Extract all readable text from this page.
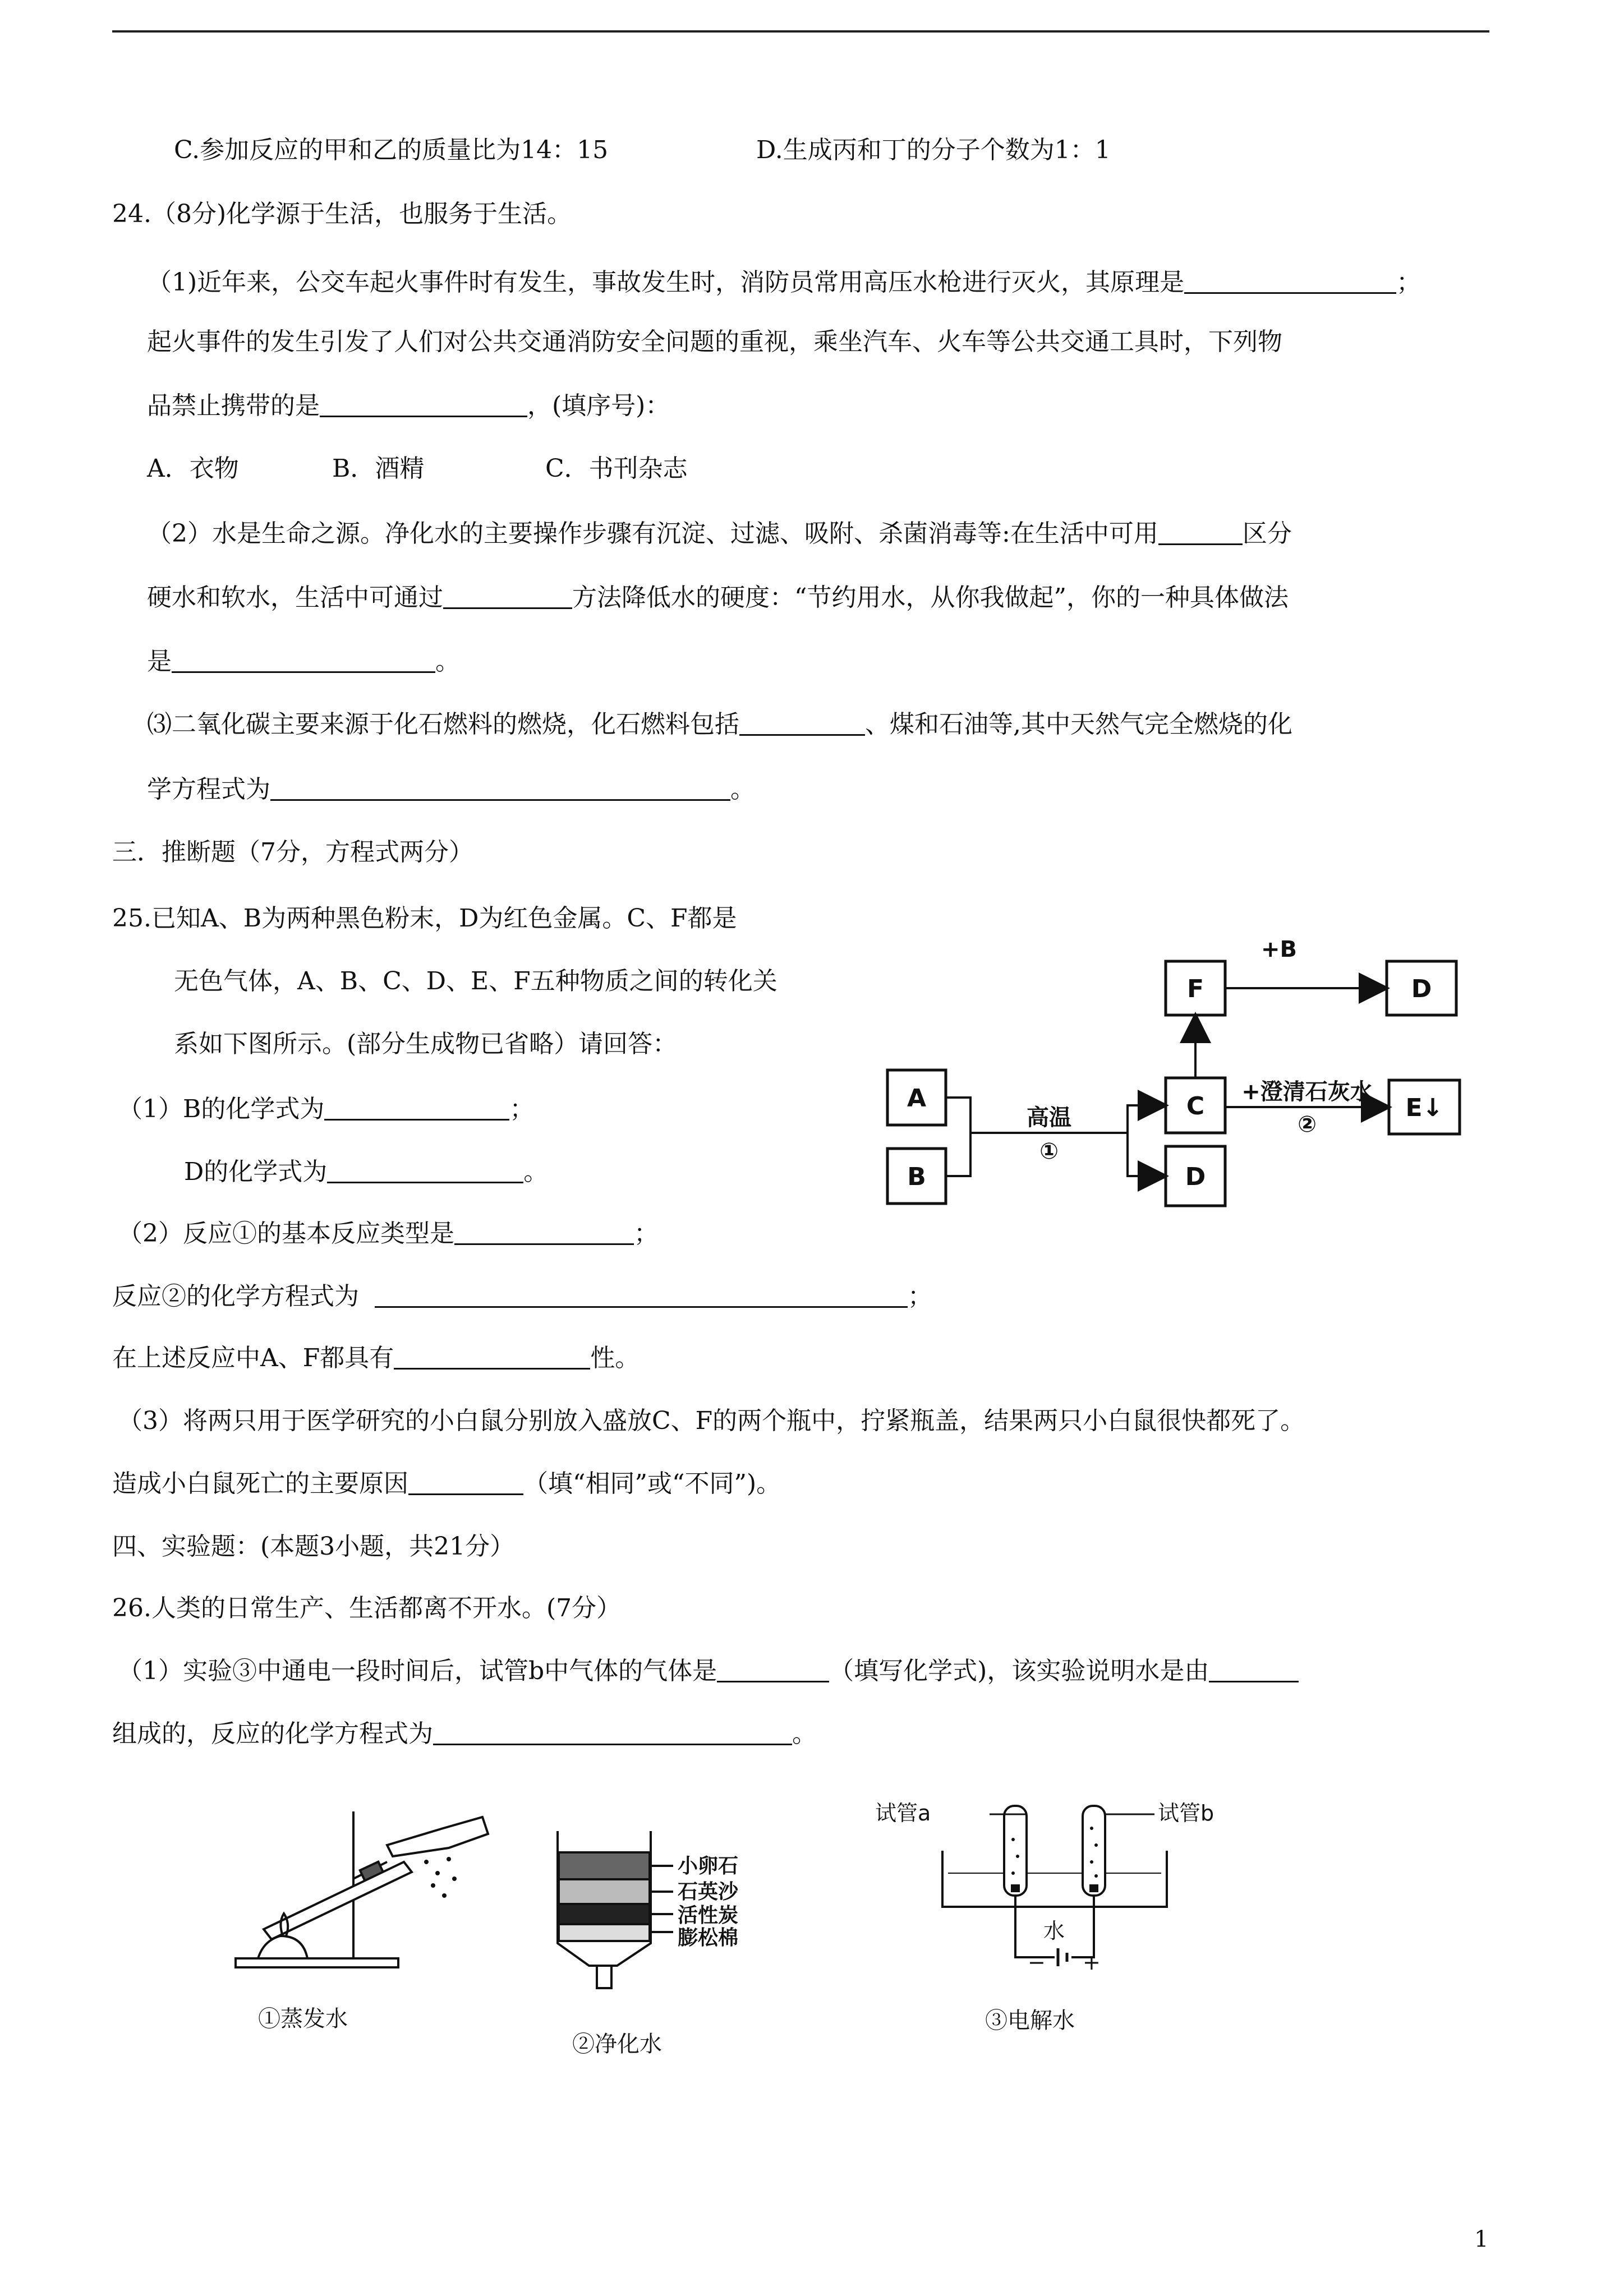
C.参加反应的甲和乙的质量比为14：15	D.生成丙和丁的分子个数为1：1
24.（8分)化学源于生活，也服务于生活。
（1)近年来，公交车起火事件时有发生，事故发生时，消防员常用高压水枪进行灭火，其原理是	；
起火事件的发生引发了人们对公共交通消防安全问题的重视，乘坐汽车、火车等公共交通工具时，下列物
品禁止携带的是	，(填序号)：
A．衣物	B．酒精	C．书刊杂志
（2）水是生命之源。净化水的主要操作步骤有沉淀、过滤、吸附、杀菌消毒等:在生活中可用	区分
硬水和软水，生活中可通过	方法降低水的硬度：“节约用水，从你我做起”，你的一种具体做法
是	。
⑶二氧化碳主要来源于化石燃料的燃烧，化石燃料包括	、煤和石油等,其中天然气完全燃烧的化
学方程式为	。
三．推断题（7分，方程式两分）
25.已知A、B为两种黑色粉末，D为红色金属。C、F都是
无色气体，A、B、C、D、E、F五种物质之间的转化关
系如下图所示。(部分生成物已省略）请回答：
（1）B的化学式为	；
D的化学式为	。
（2）反应①的基本反应类型是	；
反应②的化学方程式为	；
在上述反应中A、F都具有	性。
（3）将两只用于医学研究的小白鼠分别放入盛放C、F的两个瓶中，拧紧瓶盖，结果两只小白鼠很快都死了。
造成小白鼠死亡的主要原因	（填“相同”或“不同”)。
四、实验题：(本题3小题，共21分）
26.人类的日常生产、生活都离不开水。(7分）
（1）实验③中通电一段时间后，试管b中气体的气体是	（填写化学式)，该实验说明水是由
组成的，反应的化学方程式为	。
A
B
C
D
F	D
E↓
+B
高温
①
+澄清石灰水
②
①蒸发水
小卵石
石英沙
活性炭
膨松棉
②净化水
试管a	试管b
水
− +
③电解水
1
